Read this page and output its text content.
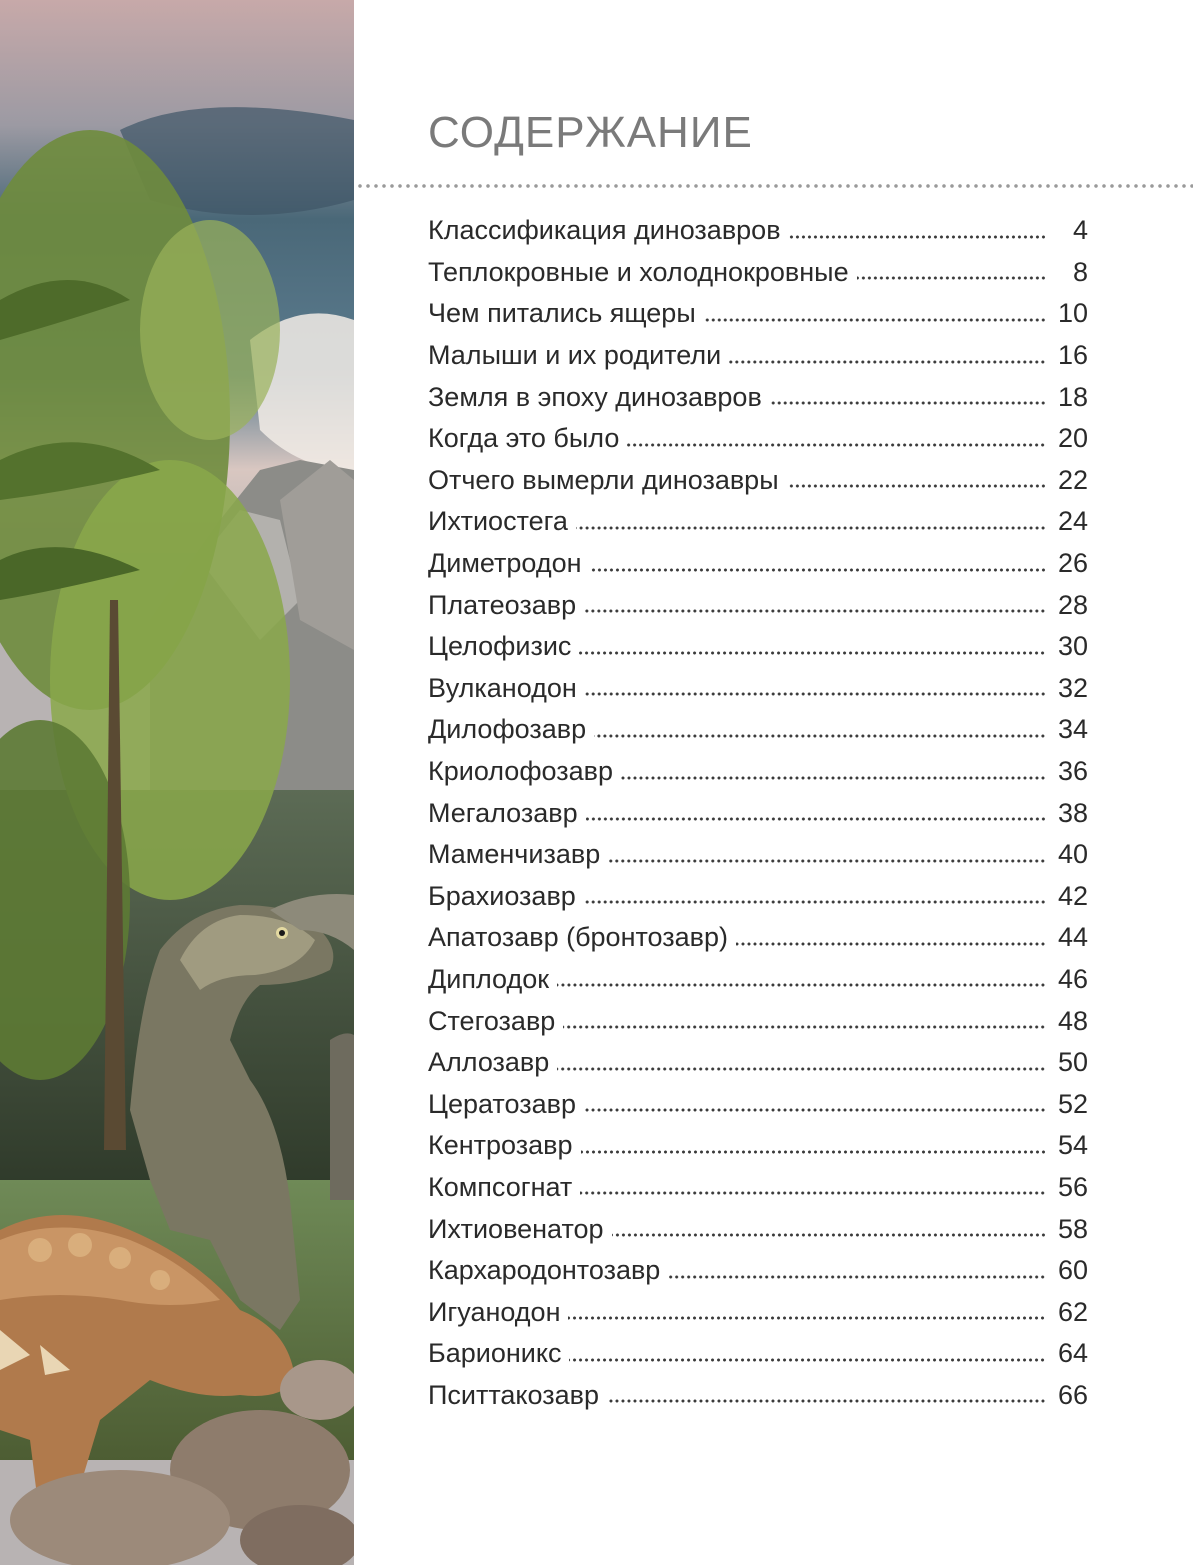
СОДЕРЖАНИЕ
Классификация динозавров	4
Теплокровные и холоднокровные	8
Чем питались ящеры	10
Малыши и их родители	16
Земля в эпоху динозавров	18
Когда это было	20
Отчего вымерли динозавры	22
Ихтиостега	24
Диметродон	26
Платеозавр	28
Целофизис	30
Вулканодон	32
Дилофозавр	34
Криолофозавр	36
Мегалозавр	38
Маменчизавр	40
Брахиозавр	42
Апатозавр (бронтозавр)	44
Диплодок	46
Стегозавр	48
Аллозавр	50
Цератозавр	52
Кентрозавр	54
Компсогнат	56
Ихтиовенатор	58
Кархародонтозавр	60
Игуанодон	62
Барионикс	64
Пситтакозавр	66
